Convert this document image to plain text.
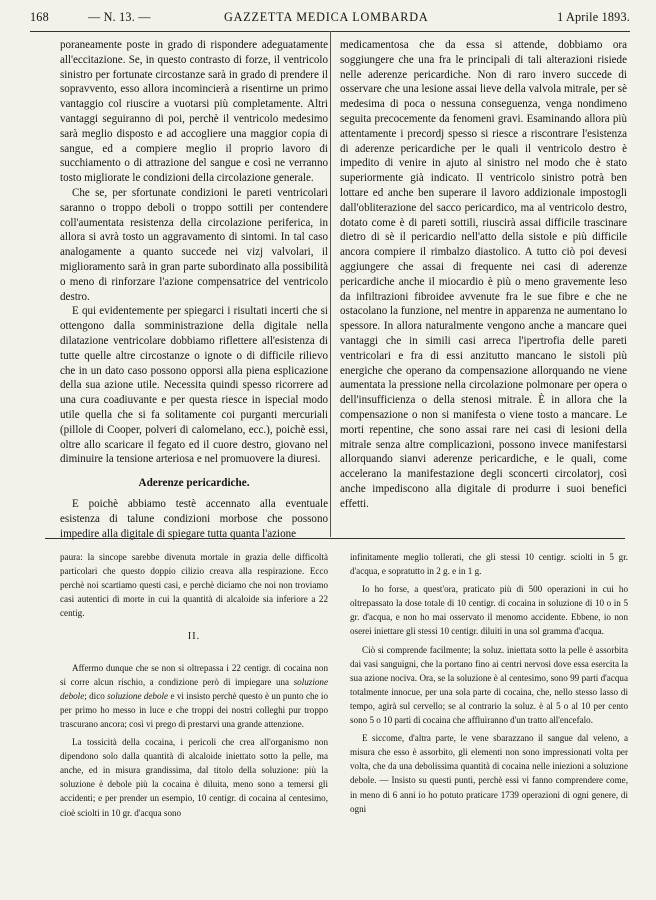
168	— N. 13. —	GAZZETTA MEDICA LOMBARDA	1 Aprile 1893.

poraneamente poste in grado di rispondere adeguatamente all'eccitazione. Se, in questo contrasto di forze, il ventricolo sinistro per fortunate circostanze sarà in grado di prendere il sopravvento, esso allora incomincierà a risentirne un primo vantaggio col riuscire a vuotarsi più completamente. Altri vantaggi seguiranno di poi, perchè il ventricolo medesimo sarà meglio disposto e ad accogliere una maggior copia di sangue, ed a compiere meglio il proprio lavoro di succhiamento o di attrazione del sangue e così ne verranno tosto migliorate le condizioni della circolazione generale.

Che se, per sfortunate condizioni le pareti ventricolari saranno o troppo deboli o troppo sottili per contendere coll'aumentata resistenza della circolazione periferica, in allora si avrà tosto un aggravamento di sintomi. In tal caso analogamente a quanto succede nei vizj valvolari, il miglioramento sarà in gran parte subordinato alla possibilità o meno di rinforzare l'azione compensatrice del ventricolo destro.

E qui evidentemente per spiegarci i risultati incerti che si ottengono dalla somministrazione della digitale nella dilatazione ventricolare dobbiamo riflettere all'esistenza di tutte quelle altre circostanze o ignote o di difficile rilievo che in un dato caso possono opporsi alla piena esplicazione della sua azione utile. Necessita quindi spesso ricorrere ad una cura coadiuvante e per questa riesce in ispecial modo utile quella che si fa solitamente coi purganti mercuriali (pillole di Cooper, polveri di calomelano, ecc.), poichè essi, oltre allo scaricare il fegato ed il cuore destro, giovano nel diminuire la tensione arteriosa e nel promuovere la diuresi.

Aderenze pericardiche.

E poichè abbiamo testè accennato alla eventuale esistenza di talune condizioni morbose che possono impedire alla digitale di spiegare tutta quanta l'azione

medicamentosa che da essa si attende, dobbiamo ora soggiungere che una fra le principali di tali alterazioni risiede nelle aderenze pericardiche. Non di raro invero succede di osservare che una lesione assai lieve della valvola mitrale, per sè medesima di poca o nessuna conseguenza, venga nondimeno seguita precocemente da fenomeni gravi. Esaminando allora più attentamente i precordj spesso si riesce a riscontrare l'esistenza di aderenze pericardiche per le quali il ventricolo destro è impedito di venire in ajuto al sinistro nel modo che è stato superiormente già indicato. Il ventricolo sinistro potrà ben lottare ed anche ben superare il lavoro addizionale impostogli dall'obliterazione del sacco pericardico, ma al ventricolo destro, dotato come è di pareti sottili, riuscirà assai difficile trascinare dietro di sè il pericardio nell'atto della sistole e più difficile ancora compiere il rimbalzo diastolico. A tutto ciò poi devesi aggiungere che assai di frequente nei casi di aderenze pericardiche anche il miocardio è più o meno gravemente leso da infiltrazioni fibroidee avvenute fra le sue fibre e che ne ostacolano la funzione, nel mentre in apparenza ne aumentano lo spessore. In allora naturalmente vengono anche a mancare quei vantaggi che in simili casi arreca l'ipertrofia delle pareti ventricolari e fra di essi anzitutto mancano le sistoli più energiche che operano da compensazione allorquando ne viene aumentata la pressione nella circolazione polmonare per opera o dell'insufficienza o della stenosi mitrale. È in allora che la compensazione o non si manifesta o viene tosto a mancare. Le morti repentine, che sono assai rare nei casi di lesioni della mitrale senza altre complicazioni, possono invece manifestarsi allorquando sianvi aderenze pericardiche, e le quali, come accelerano la manifestazione degli sconcerti circolatorj, così anche impediscono alla digitale di produrre i suoi benefici effetti.

paura: la sincope sarebbe divenuta mortale in grazia delle difficoltà particolari che questo doppio cilizio creava alla respirazione. Ecco perchè noi scartiamo questi casi, e perchè diciamo che noi non troviamo casi autentici di morte in cui la quantità di alcaloide sia inferiore a 22 centig.

II.

Affermo dunque che se non si oltrepassa i 22 centigr. di cocaina non si corre alcun rischio, a condizione però di impiegare una soluzione debole; dico soluzione debole e vi insisto perchè questo è un punto che io per primo ho messo in luce e che troppi dei nostri colleghi pur troppo trascurano ancora; così vi prego di prestarvi una grande attenzione.

La tossicità della cocaina, i pericoli che crea all'organismo non dipendono solo dalla quantità di alcaloide iniettato sotto la pelle, ma anche, ed in misura grandissima, dal titolo della soluzione: più la soluzione è debole più la cocaina è diluita, meno sono a temersi gli accidenti; e per prender un esempio, 10 centigr. di cocaina al centesimo, cioè sciolti in 10 gr. d'acqua sono

infinitamente meglio tollerati, che gli stessi 10 centigr. sciolti in 5 gr. d'acqua, e sopratutto in 2 g. e in 1 g.

Io ho forse, a quest'ora, praticato più di 500 operazioni in cui ho oltrepassato la dose totale di 10 centigr. di cocaina in soluzione di 10 o in 5 gr. d'acqua, e non ho mai osservato il menomo accidente. Ebbene, io non oserei iniettare gli stessi 10 centigr. diluiti in una sol gramma d'acqua.

Ciò si comprende facilmente; la soluz. iniettata sotto la pelle è assorbita dai vasi sanguigni, che la portano fino ai centri nervosi dove essa esercita la sua azione nociva. Ora, se la soluzione è al centesimo, sono 99 parti d'acqua totalmente innocue, per una sola parte di cocaina, che, nello stesso lasso di tempo, agirà sul cervello; se al contrario la soluz. è al 5 o al 10 per cento sono 5 o 10 parti di cocaina che affluiranno d'un tratto all'encefalo.

E siccome, d'altra parte, le vene sbarazzano il sangue dal veleno, a misura che esso è assorbito, gli elementi non sono impressionati volta per volta, che da una debolissima quantità di cocaina nelle iniezioni a soluzione debole. — Insisto su questi punti, perchè essi vi fanno comprendere come, in meno di 6 anni io ho potuto praticare 1739 operazioni di ogni genere, di ogni
